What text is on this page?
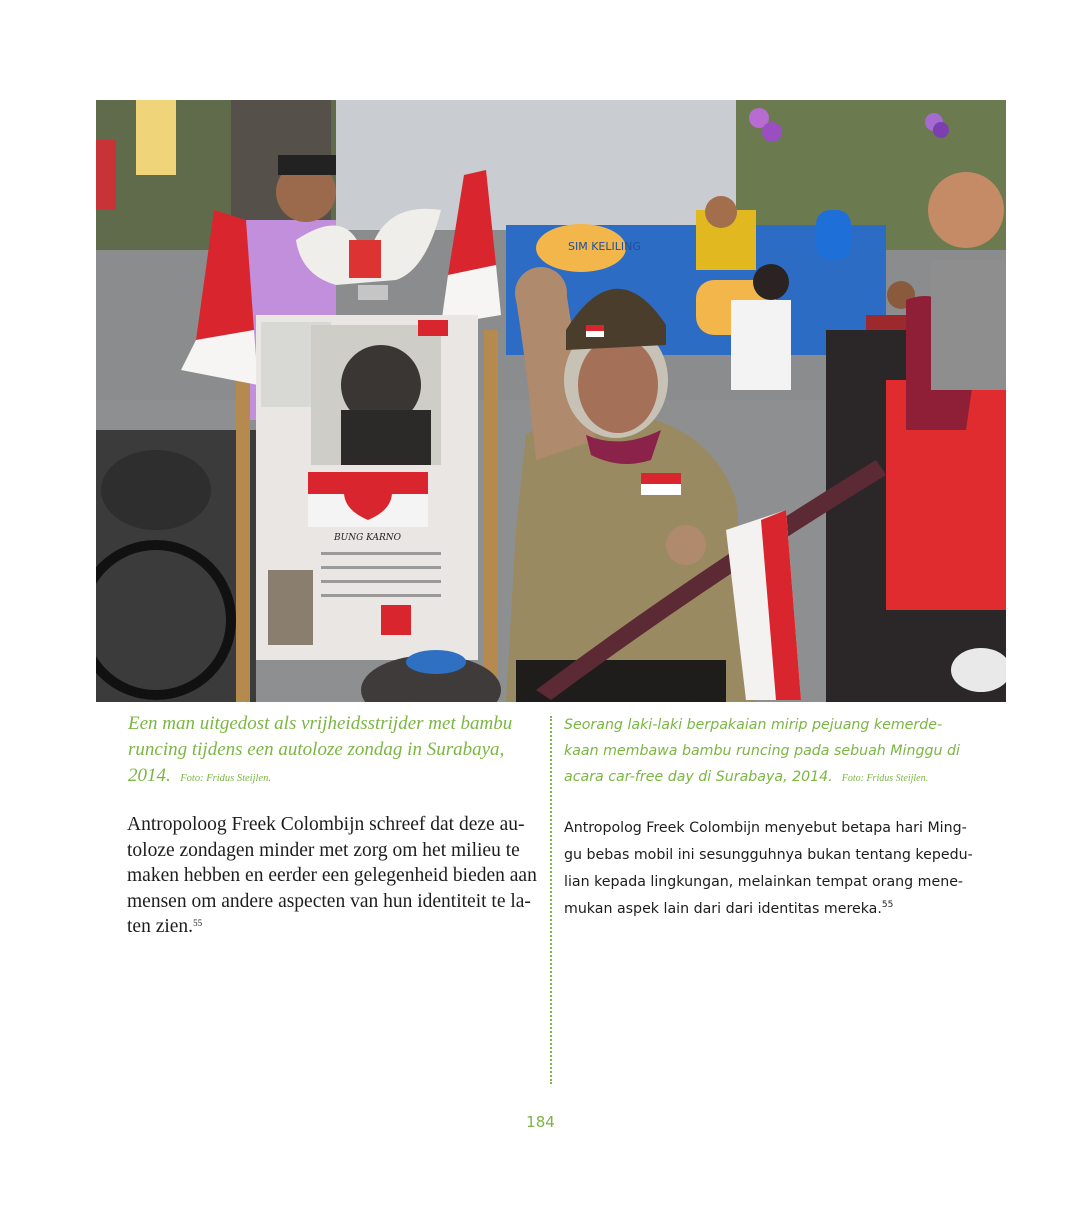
SIM KELILING
BUNG KARNO
Een man uitgedost als vrijheidsstrijder met bambu
runcing tijdens een autoloze zondag in Surabaya,
2014. Foto: Fridus Steijlen.
Seorang laki-laki berpakaian mirip pejuang kemerde-
kaan membawa bambu runcing pada sebuah Minggu di
acara car-free day di Surabaya, 2014. Foto: Fridus Steijlen.
Antropoloog Freek Colombijn schreef dat deze au-
toloze zondagen minder met zorg om het milieu te
maken hebben en eerder een gelegenheid bieden aan
mensen om andere aspecten van hun identiteit te la-
ten zien.$^{55}$
Antropolog Freek Colombijn menyebut betapa hari Ming-
gu bebas mobil ini sesungguhnya bukan tentang kepedu-
lian kepada lingkungan, melainkan tempat orang mene-
mukan aspek lain dari dari identitas mereka.$^{55}$
184
